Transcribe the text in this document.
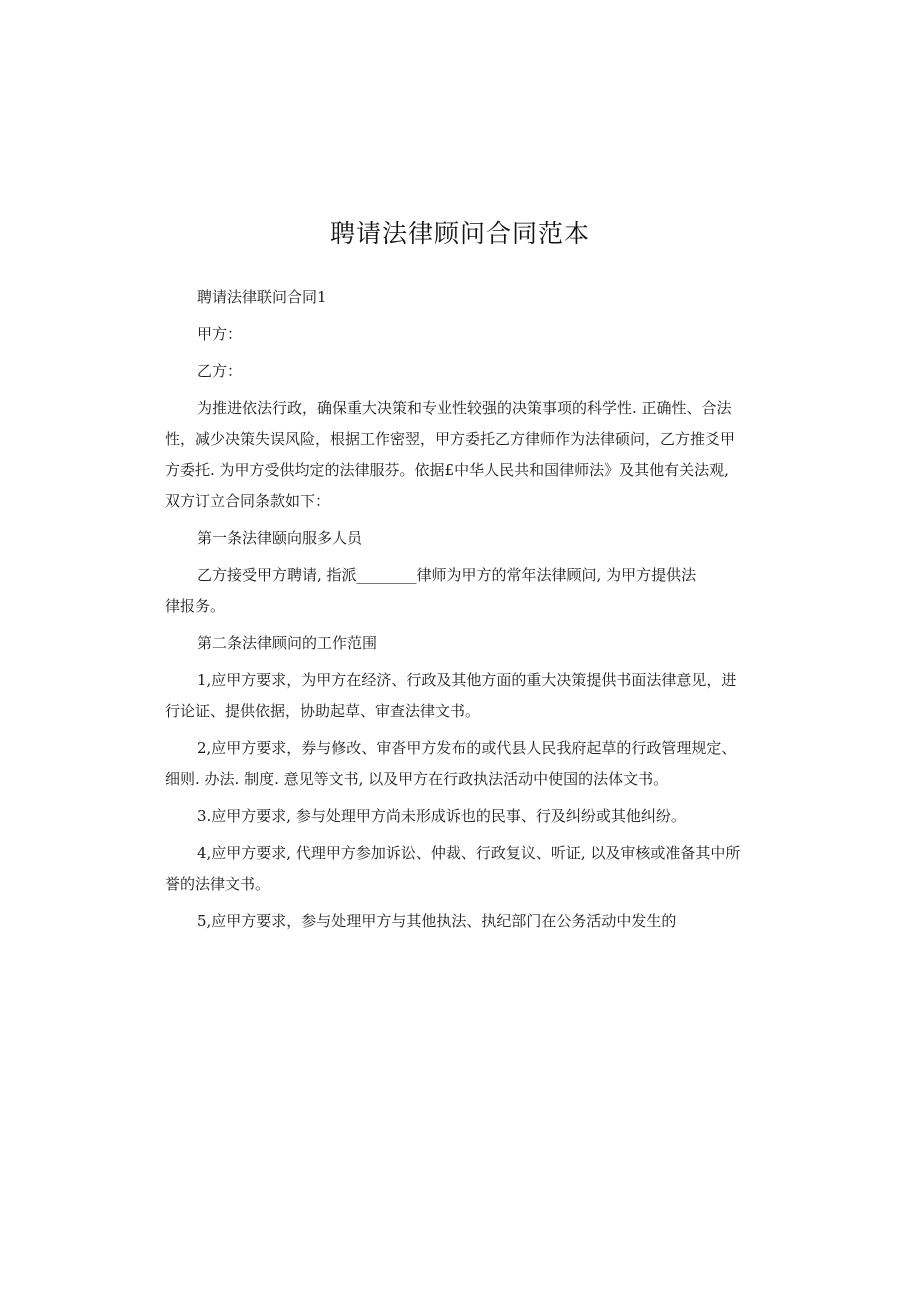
聘请法律顾问合同范本
聘请法律联问合同1
甲方：
乙方：
为推进依法行政，确保重大决策和专业性较强的决策事项的科学性. 正确性、合法
性，减少决策失误风险，根据工作密翌，甲方委托乙方律师作为法律硕问，乙方推爻甲
方委托. 为甲方受供均定的法律服芬。依据£中华人民共和国律师法》及其他有关法观,
双方订立合同条款如下：
第一条法律颐向服多人员
乙方接受甲方聘请, 指派________律师为甲方的常年法律顾问, 为甲方提供法
律报务。
第二条法律顾问的工作范围
1,应甲方要求，为甲方在经济、行政及其他方面的重大决策提供书面法律意见，进
行论证、提供依据，协助起草、审查法律文书。
2,应甲方要求，券与修改、审沓甲方发布的或代县人民我府起草的行政管理规定、
细则. 办法. 制度. 意见等文书, 以及甲方在行政执法活动中使国的法体文书。
3.应甲方要求, 参与处理甲方尚未形成诉也的民事、行及纠纷或其他纠纷。
4,应甲方要求, 代理甲方参加诉讼、仲裁、行政复议、听证, 以及审核或准备其中所
誉的法律文书。
5,应甲方要求，参与处理甲方与其他执法、执纪部门在公务活动中发生的
